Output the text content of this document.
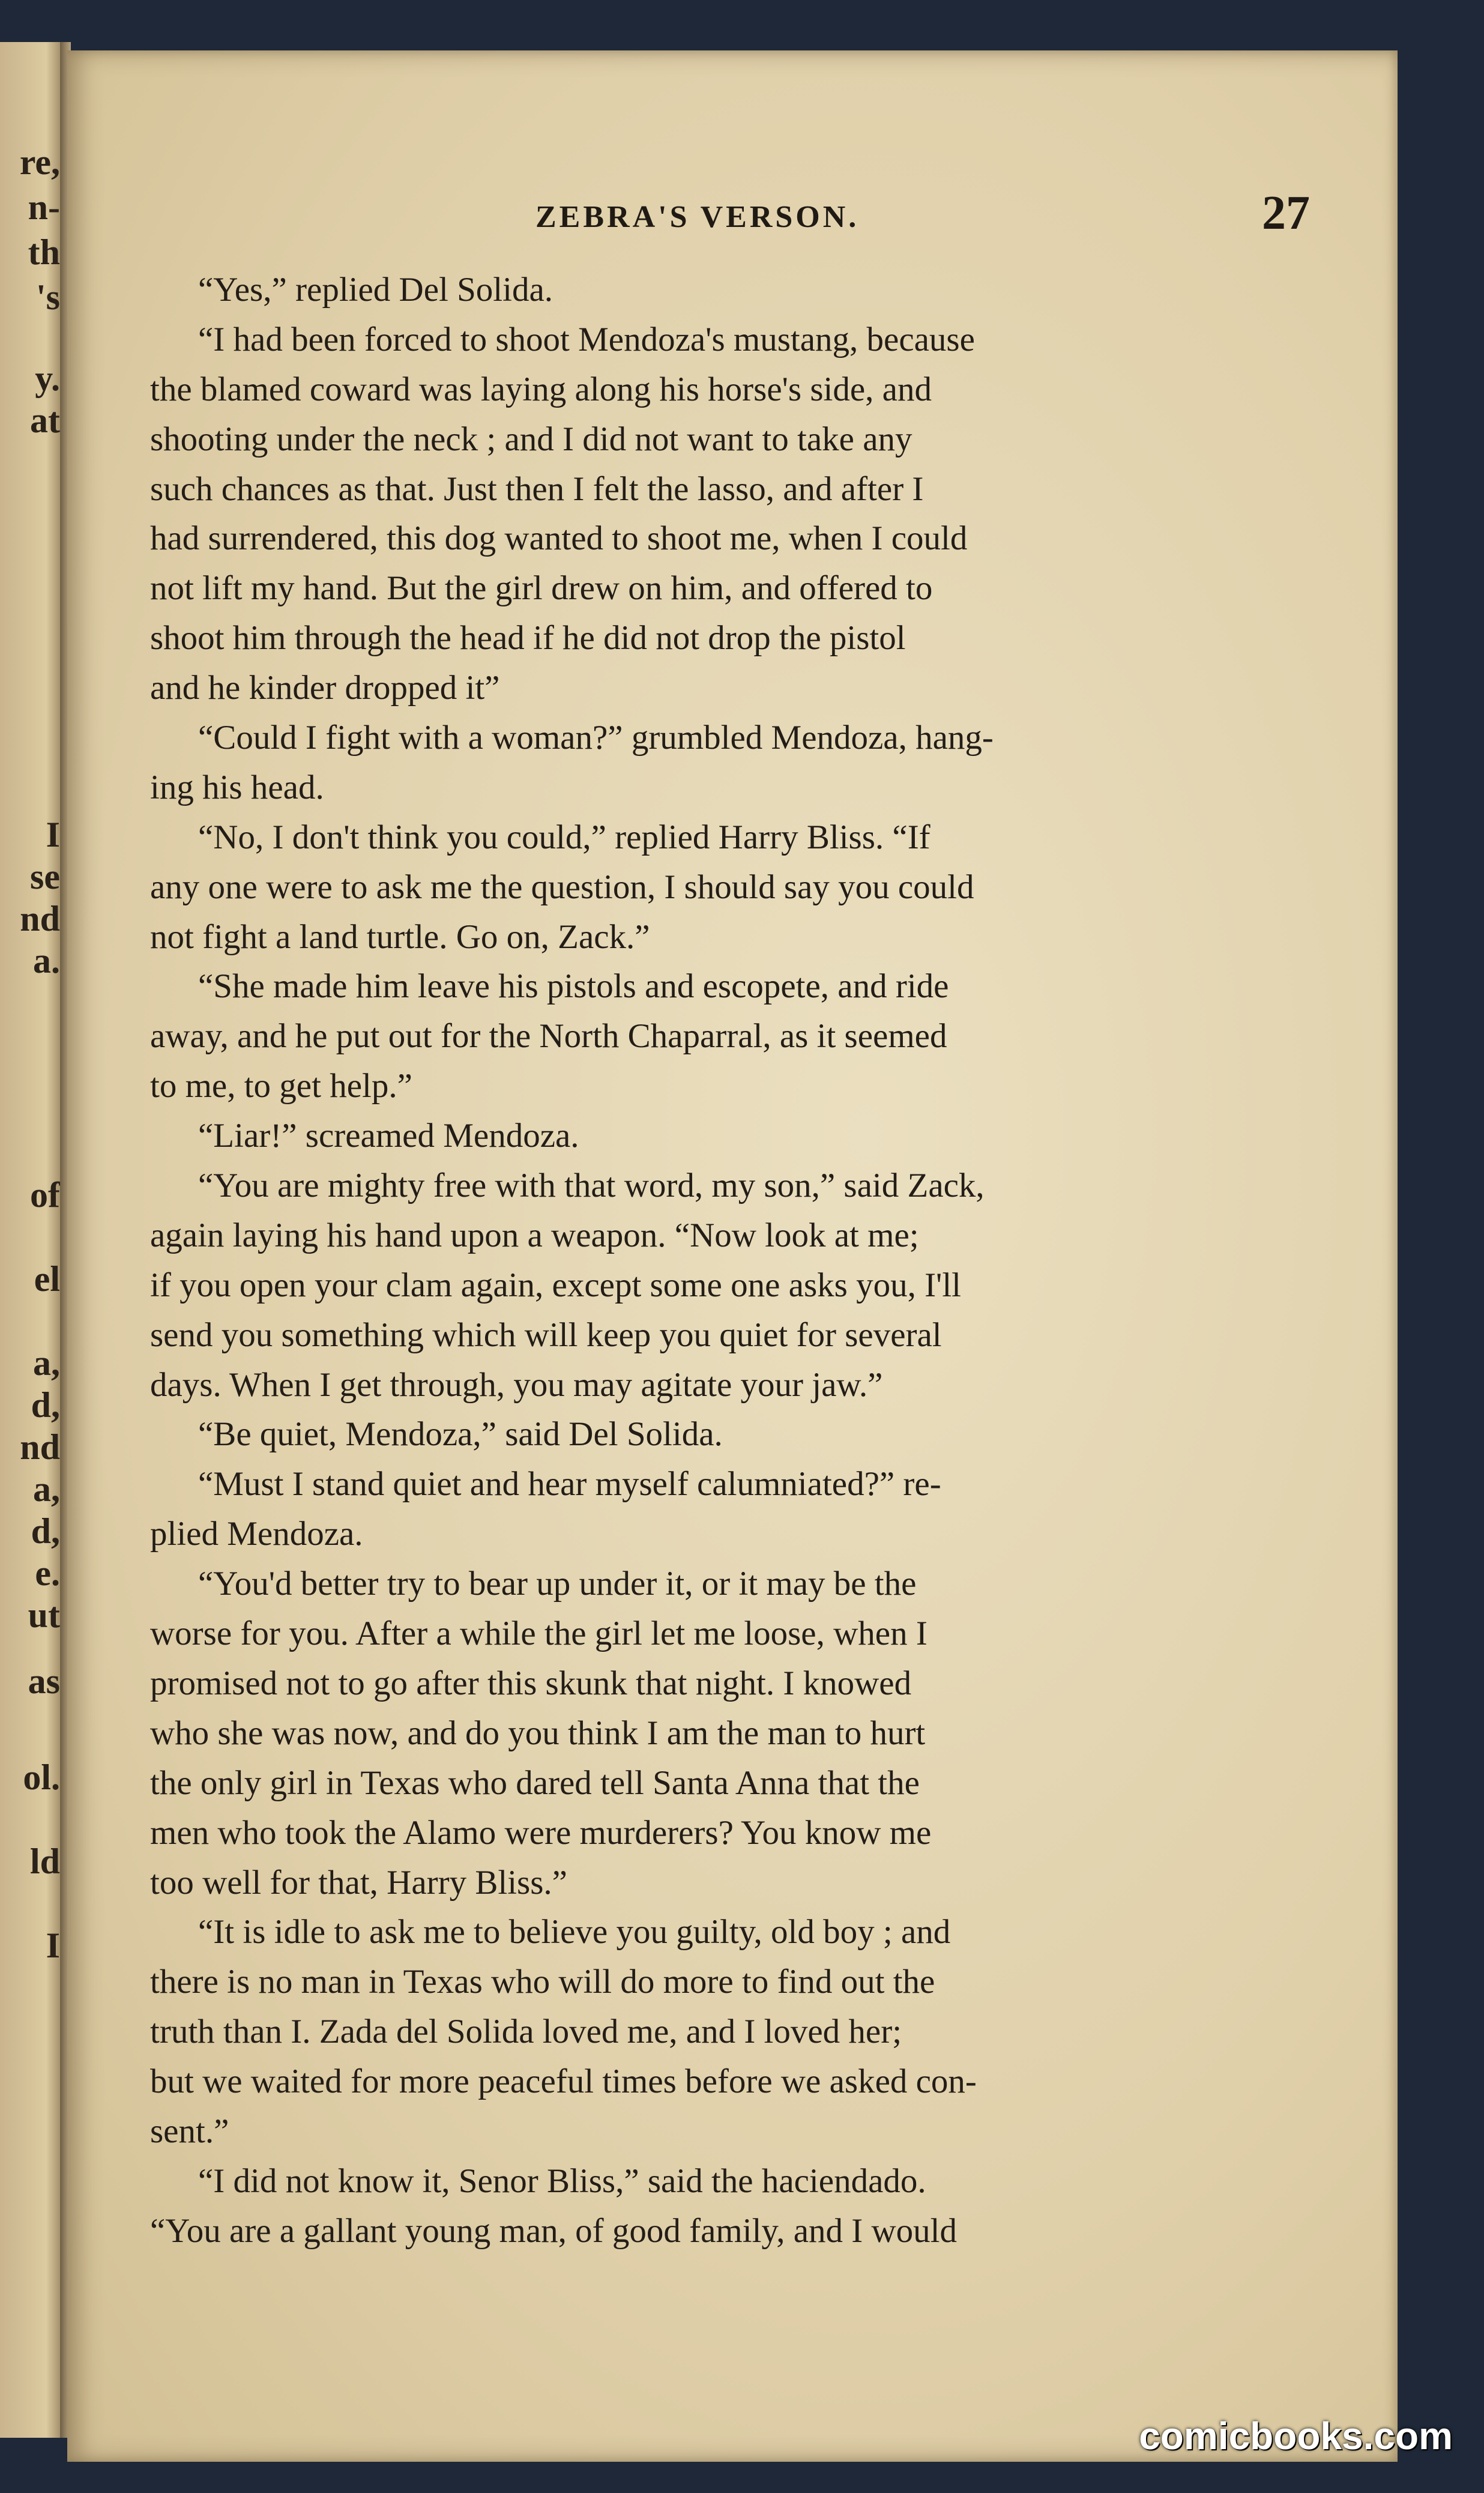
re,
n-
th
's
y.
at
I
se
nd
a.
of
el
a,
d,
nd
a,
d,
e.
ut
as
ol.
ld
I
ZEBRA'S VERSON.	27
“Yes,” replied Del Solida.
“I had been forced to shoot Mendoza's mustang, because
the blamed coward was laying along his horse's side, and
shooting under the neck ; and I did not want to take any
such chances as that. Just then I felt the lasso, and after I
had surrendered, this dog wanted to shoot me, when I could
not lift my hand. But the girl drew on him, and offered to
shoot him through the head if he did not drop the pistol
and he kinder dropped it”
“Could I fight with a woman?” grumbled Mendoza, hang-
ing his head.
“No, I don't think you could,” replied Harry Bliss. “If
any one were to ask me the question, I should say you could
not fight a land turtle. Go on, Zack.”
“She made him leave his pistols and escopete, and ride
away, and he put out for the North Chaparral, as it seemed
to me, to get help.”
“Liar!” screamed Mendoza.
“You are mighty free with that word, my son,” said Zack,
again laying his hand upon a weapon. “Now look at me;
if you open your clam again, except some one asks you, I'll
send you something which will keep you quiet for several
days. When I get through, you may agitate your jaw.”
“Be quiet, Mendoza,” said Del Solida.
“Must I stand quiet and hear myself calumniated?” re-
plied Mendoza.
“You'd better try to bear up under it, or it may be the
worse for you. After a while the girl let me loose, when I
promised not to go after this skunk that night. I knowed
who she was now, and do you think I am the man to hurt
the only girl in Texas who dared tell Santa Anna that the
men who took the Alamo were murderers? You know me
too well for that, Harry Bliss.”
“It is idle to ask me to believe you guilty, old boy ; and
there is no man in Texas who will do more to find out the
truth than I. Zada del Solida loved me, and I loved her;
but we waited for more peaceful times before we asked con-
sent.”
“I did not know it, Senor Bliss,” said the haciendado.
“You are a gallant young man, of good family, and I would
comicbooks.com
